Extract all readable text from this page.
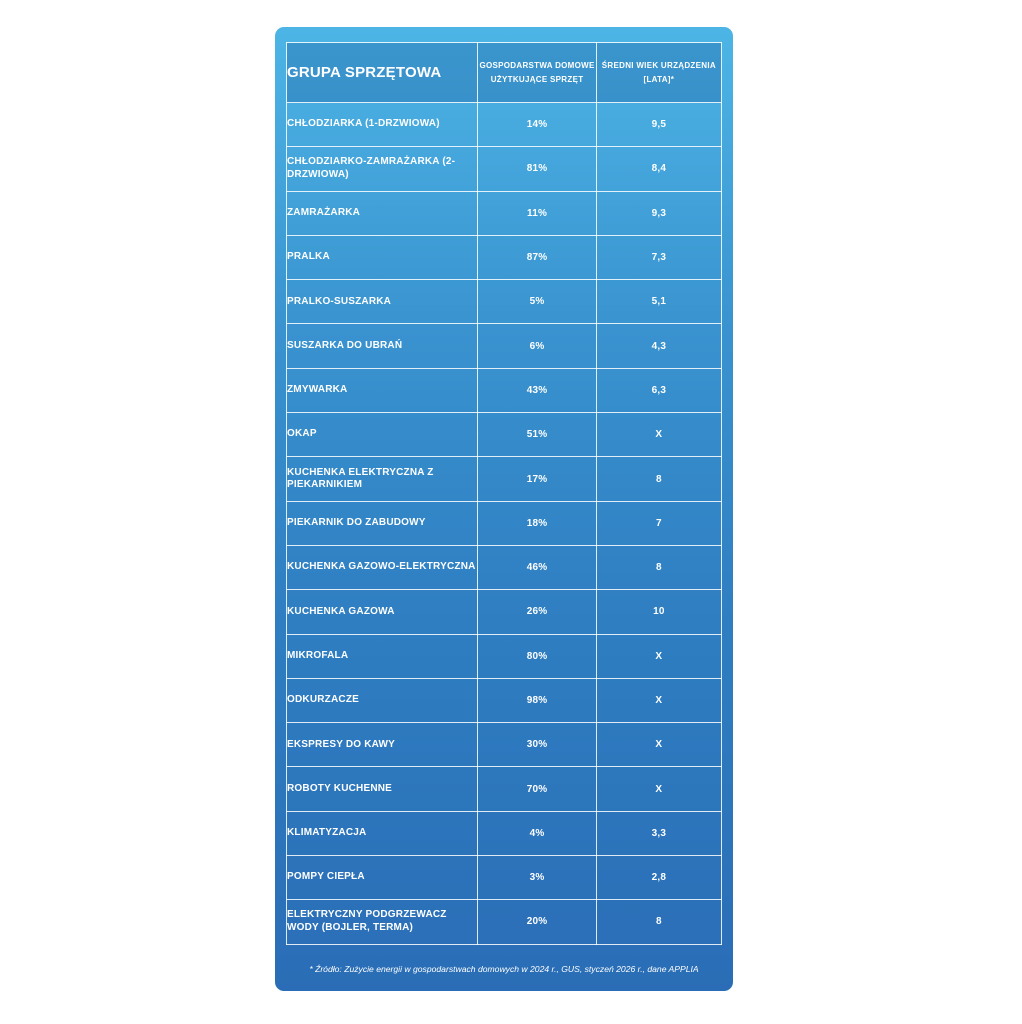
GRUPA SPRZĘTOWA	GOSPODARSTWA DOMOWE UŻYTKUJĄCE SPRZĘT	ŚREDNI WIEK URZĄDZENIA [LATA]*
CHŁODZIARKA (1-DRZWIOWA)	14%	9,5
CHŁODZIARKO-ZAMRAŻARKA (2-DRZWIOWA)	81%	8,4
ZAMRAŻARKA	11%	9,3
PRALKA	87%	7,3
PRALKO-SUSZARKA	5%	5,1
SUSZARKA DO UBRAŃ	6%	4,3
ZMYWARKA	43%	6,3
OKAP	51%	X
KUCHENKA ELEKTRYCZNA Z PIEKARNIKIEM	17%	8
PIEKARNIK DO ZABUDOWY	18%	7
KUCHENKA GAZOWO-ELEKTRYCZNA	46%	8
KUCHENKA GAZOWA	26%	10
MIKROFALA	80%	X
ODKURZACZE	98%	X
EKSPRESY DO KAWY	30%	X
ROBOTY KUCHENNE	70%	X
KLIMATYZACJA	4%	3,3
POMPY CIEPŁA	3%	2,8
ELEKTRYCZNY PODGRZEWACZ WODY (BOJLER, TERMA)	20%	8
* Źródło: Zużycie energii w gospodarstwach domowych w 2024 r., GUS, styczeń 2026 r., dane APPLIA
